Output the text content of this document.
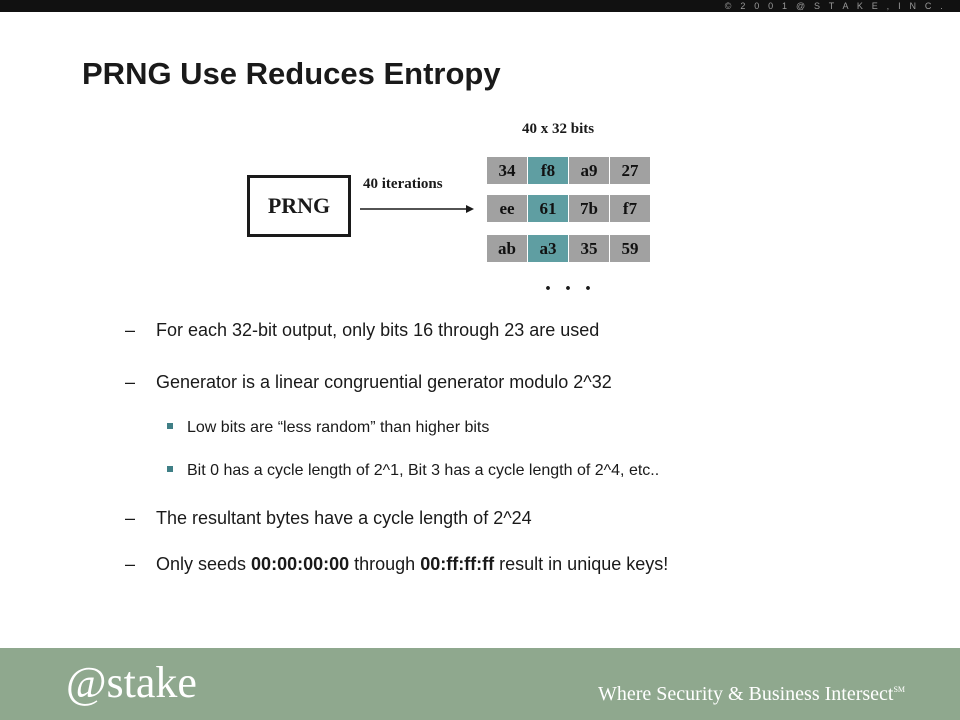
© 2 0 0 1 @ S T A K E , I N C .
PRNG Use Reduces Entropy
40 x 32 bits
40 iterations
PRNG
34	f8	a9	27
ee	61	7b	f7
ab	a3	35	59
. . .
– For each 32-bit output, only bits 16 through 23 are used
– Generator is a linear congruential generator modulo 2^32
Low bits are “less random” than higher bits
Bit 0 has a cycle length of 2^1, Bit 3 has a cycle length of 2^4, etc..
– The resultant bytes have a cycle length of 2^24
– Only seeds 00:00:00:00 through 00:ff:ff:ff result in unique keys!
@stake	Where Security & Business Intersect℠
